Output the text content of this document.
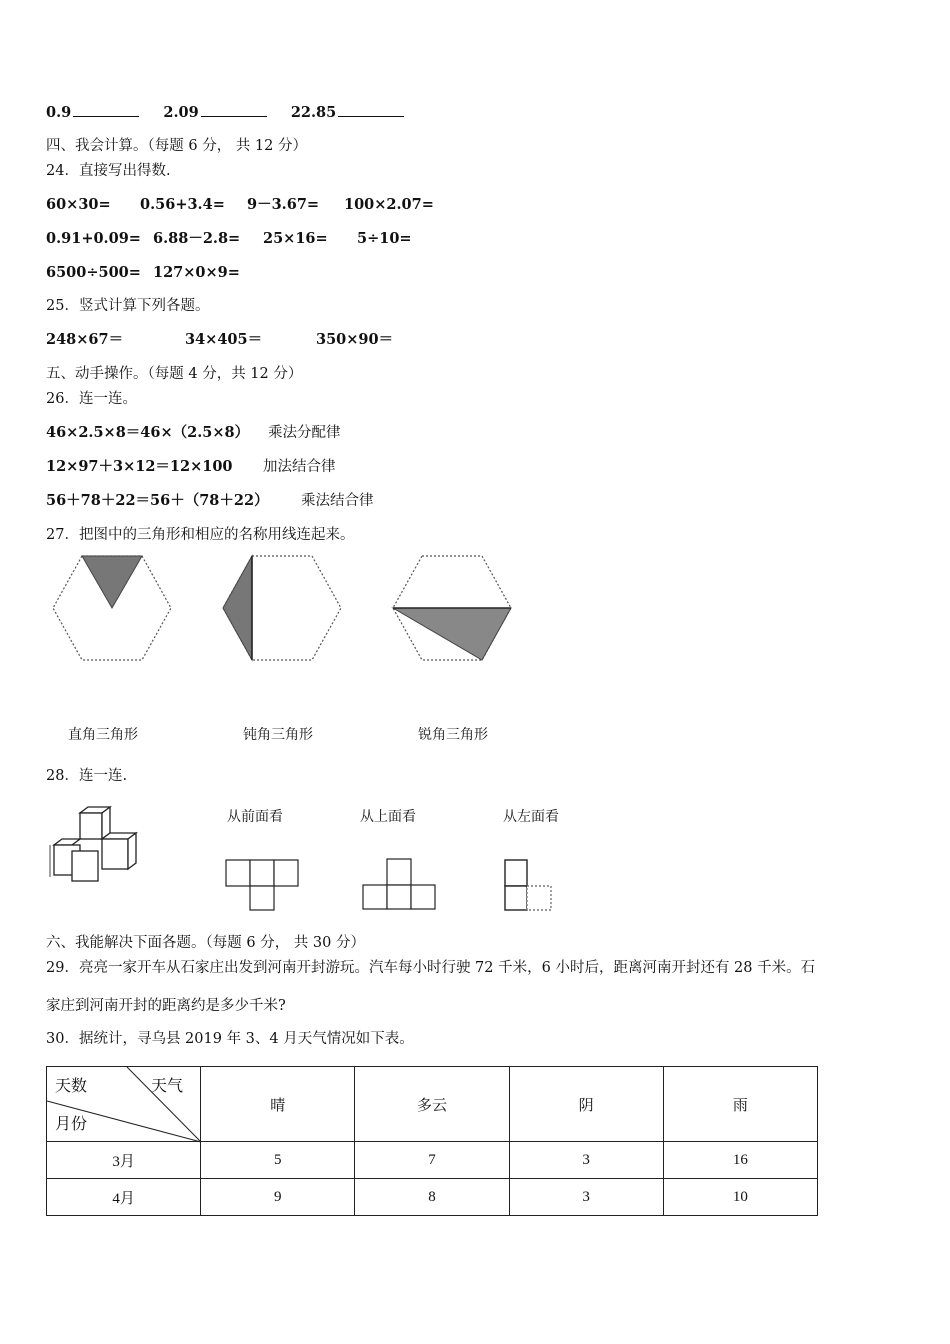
0.9	2.09	22.85
四、我会计算。（每题 6 分， 共 12 分）
24．直接写出得数.
60×30= 0.56+3.4= 9－3.67= 100×2.07=
0.91+0.09= 6.88－2.8= 25×16= 5÷10=
6500÷500= 127×0×9=
25．竖式计算下列各题。
248×67＝	34×405＝	350×90＝
五、动手操作。（每题 4 分，共 12 分）
26．连一连。
46×2.5×8＝46×（2.5×8） 乘法分配律
12×97＋3×12＝12×100 加法结合律
56＋78＋22＝56＋（78＋22） 乘法结合律
27．把图中的三角形和相应的名称用线连起来。
直角三角形	钝角三角形	锐角三角形
28．连一连.
从前面看	从上面看	从左面看
六、我能解决下面各题。（每题 6 分， 共 30 分）
29．亮亮一家开车从石家庄出发到河南开封游玩。汽车每小时行驶 72 千米，6 小时后，距离河南开封还有 28 千米。石
家庄到河南开封的距离约是多少千米?
30．据统计，寻乌县 2019 年 3、4 月天气情况如下表。
天数 天气
月份	晴	多云	阴	雨
3月	5	7	3	16
4月	9	8	3	10
